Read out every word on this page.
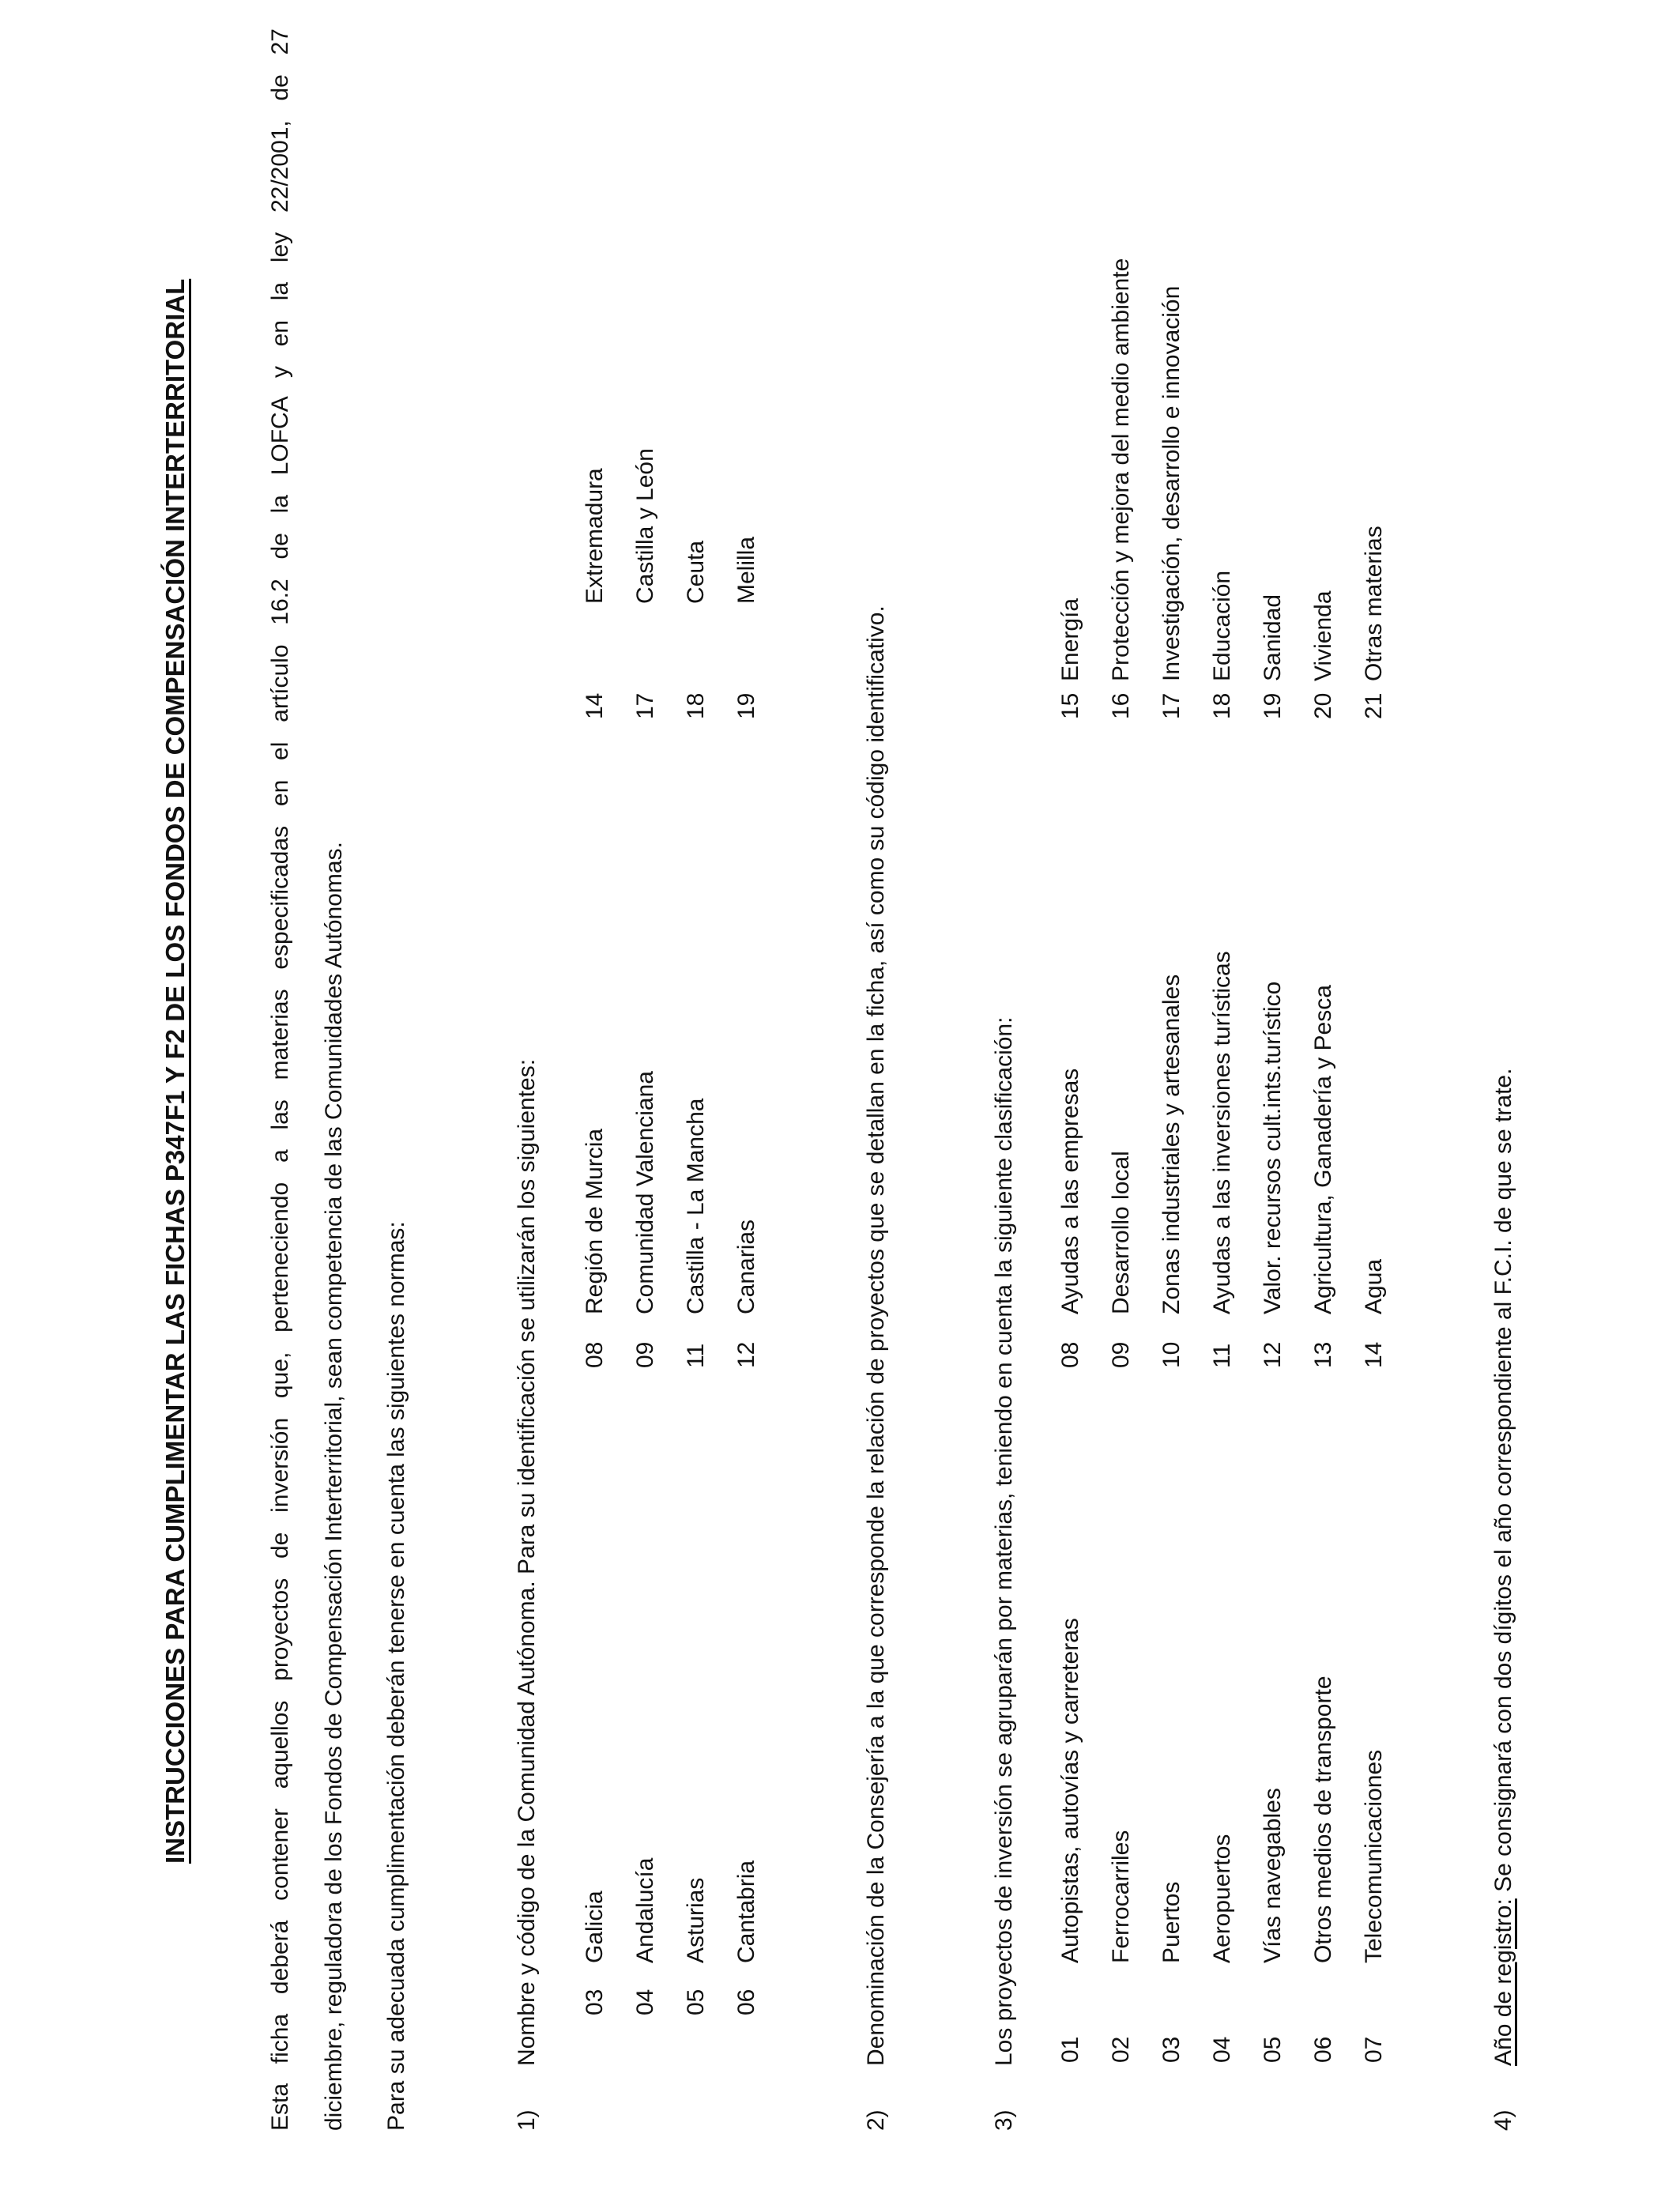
INSTRUCCIONES PARA CUMPLIMENTAR LAS FICHAS P347F1 Y F2 DE LOS FONDOS DE COMPENSACIÓN INTERTERRITORIAL	Esta ficha deberá contener aquellos proyectos de inversión que, perteneciendo a las materias especificadas en el artículo 16.2 de la LOFCA y en la ley 22/2001, de 27 diciembre, reguladora de los Fondos de Compensación Interterritorial, sean competencia de las Comunidades Autónomas. Para su adecuada cumplimentación deberán tenerse en cuenta las siguientes normas:	1)
Nombre y código de la Comunidad Autónoma. Para su identificación se utilizarán los siguientes: 03
Galicia
04
Andalucía
05
Asturias
06
Cantabria
08
Región de Murcia
09
Comunidad Valenciana
11
Castilla - La Mancha
12
Canarias
14
Extremadura
17
Castilla y León
18
Ceuta
19
Melilla
2)
Denominación de la Consejería a la que corresponde la relación de proyectos que se detallan en la ficha, así como su código identificativo.
3)
Los proyectos de inversión se agruparán por materias, teniendo en cuenta la siguiente clasificación: 01
Autopistas, autovías y carreteras
02
Ferrocarriles
03
Puertos
04
Aeropuertos
05
Vías navegables
06
Otros medios de transporte
07
Telecomunicaciones
08
Ayudas a las empresas
09
Desarrollo local
10
Zonas industriales y artesanales
11
Ayudas a las inversiones turísticas
12
Valor. recursos cult.ints.turístico
13
Agricultura, Ganadería y Pesca
14
Agua
15
Energía
16
Protección y mejora del medio ambiente
17
Investigación, desarrollo e innovación
18
Educación
19
Sanidad
20
Vivienda
21
Otras materias
4)
Año de registro: Se consignará con dos dígitos el año correspondiente al F.C.I. de que se trate.
